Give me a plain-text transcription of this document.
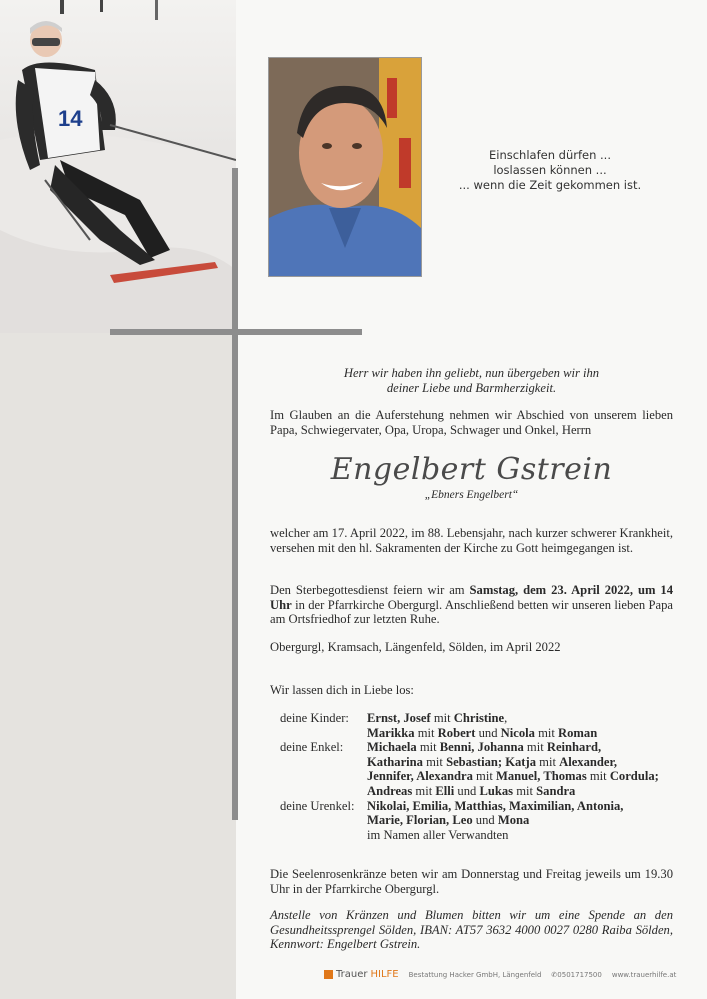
14
Einschlafen dürfen ...
loslassen können ...
... wenn die Zeit gekommen ist.
Herr wir haben ihn geliebt, nun übergeben wir ihn
deiner Liebe und Barmherzigkeit.
Im Glauben an die Auferstehung nehmen wir Abschied von unserem lieben Papa, Schwiegervater, Opa, Uropa, Schwager und Onkel, Herrn
Engelbert Gstrein
„Ebners Engelbert“
welcher am 17. April 2022, im 88. Lebensjahr, nach kurzer schwerer Krankheit, versehen mit den hl. Sakramenten der Kirche zu Gott heimgegangen ist.
Den Sterbegottesdienst feiern wir am Samstag, dem 23. April 2022, um 14 Uhr in der Pfarrkirche Obergurgl. Anschließend betten wir unseren lieben Papa am Ortsfriedhof zur letzten Ruhe.
Obergurgl, Kramsach, Längenfeld, Sölden, im April 2022
Wir lassen dich in Liebe los:
deine Kinder:	Ernst, Josef mit Christine,
Marikka mit Robert und Nicola mit Roman
deine Enkel:	Michaela mit Benni, Johanna mit Reinhard,
Katharina mit Sebastian; Katja mit Alexander,
Jennifer, Alexandra mit Manuel, Thomas mit Cordula;
Andreas mit Elli und Lukas mit Sandra
deine Urenkel: Nikolai, Emilia, Matthias, Maximilian, Antonia,
Marie, Florian, Leo und Mona
im Namen aller Verwandten
Die Seelenrosenkränze beten wir am Donnerstag und Freitag jeweils um 19.30 Uhr in der Pfarrkirche Obergurgl.
Anstelle von Kränzen und Blumen bitten wir um eine Spende an den Gesundheitssprengel Sölden, IBAN: AT57 3632 4000 0027 0280 Raiba Sölden, Kennwort: Engelbert Gstrein.
Trauer HILFE Bestattung Hacker GmbH, Längenfeld ✆0501717500 www.trauerhilfe.at
